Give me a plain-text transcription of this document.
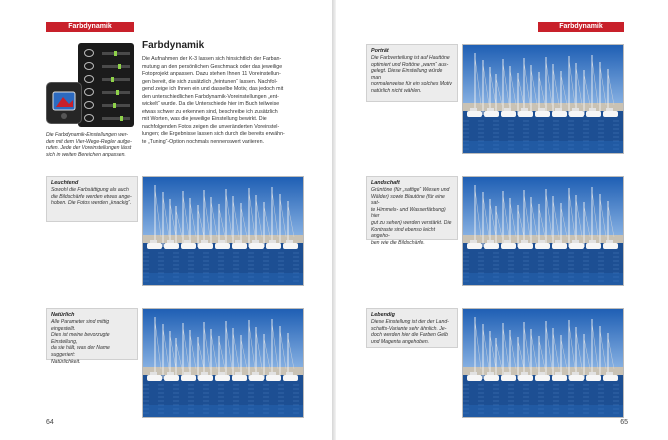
Farbdynamik
Die Farbdynamik-Einstellungen wer-
den mit dem Vier-Wege-Regler aufge-
rufen. Jede der Voreinstellungen lässt
sich in weiten Bereichen anpassen.
Farbdynamik
Die Aufnahmen der K-3 lassen sich hinsichtlich der Farban-
mutung an den persönlichen Geschmack oder das jeweilige
Fotoprojekt anpassen. Dazu stehen Ihnen 11 Voreinstellun-
gen bereit, die sich zusätzlich „feintunen“ lassen. Nachfol-
gend zeige ich Ihnen ein und dasselbe Motiv, das jedoch mit
den unterschiedlichen Farbdynamik-Voreinstellungen „ent-
wickelt“ wurde. Da die Unterschiede hier im Buch teilweise
etwas schwer zu erkennen sind, beschreibe ich zusätzlich
mit Worten, was die jeweilige Einstellung bewirkt. Die
nachfolgenden Fotos zeigen die unveränderten Voreinstel-
lungen; die Ergebnisse lassen sich durch die bereits erwähn-
te „Tuning“-Option nochmals nennenswert variieren.
Leuchtend
Sowohl die Farbsättigung als auch
die Bildschärfe werden etwas ange-
hoben. Die Fotos werden „knackig“.
Natürlich
Alle Parameter sind mittig eingestellt.
Dies ist meine bevorzugte Einstellung,
da sie hält, was der Name suggeriert:
Natürlichkeit.
64
Farbdynamik
Porträt
Die Farbverteilung ist auf Hauttöne
optimiert und Rottöne „warm“ aus-
gelegt. Diese Einstellung würde man
normalerweise für ein solches Motiv
natürlich nicht wählen.
Landschaft
Grüntöne (für „saftige“ Wiesen und
Wälder) sowie Blautöne (für eine sat-
te Himmels- und Wasserfärbung) hier
gut zu sehen) werden verstärkt. Die
Kontraste sind ebenso leicht angeho-
ben wie die Bildschärfe.
Lebendig
Diese Einstellung ist der der Land-
schafts-Variante sehr ähnlich. Je-
doch werden hier die Farben Gelb
und Magenta angehoben.
65
